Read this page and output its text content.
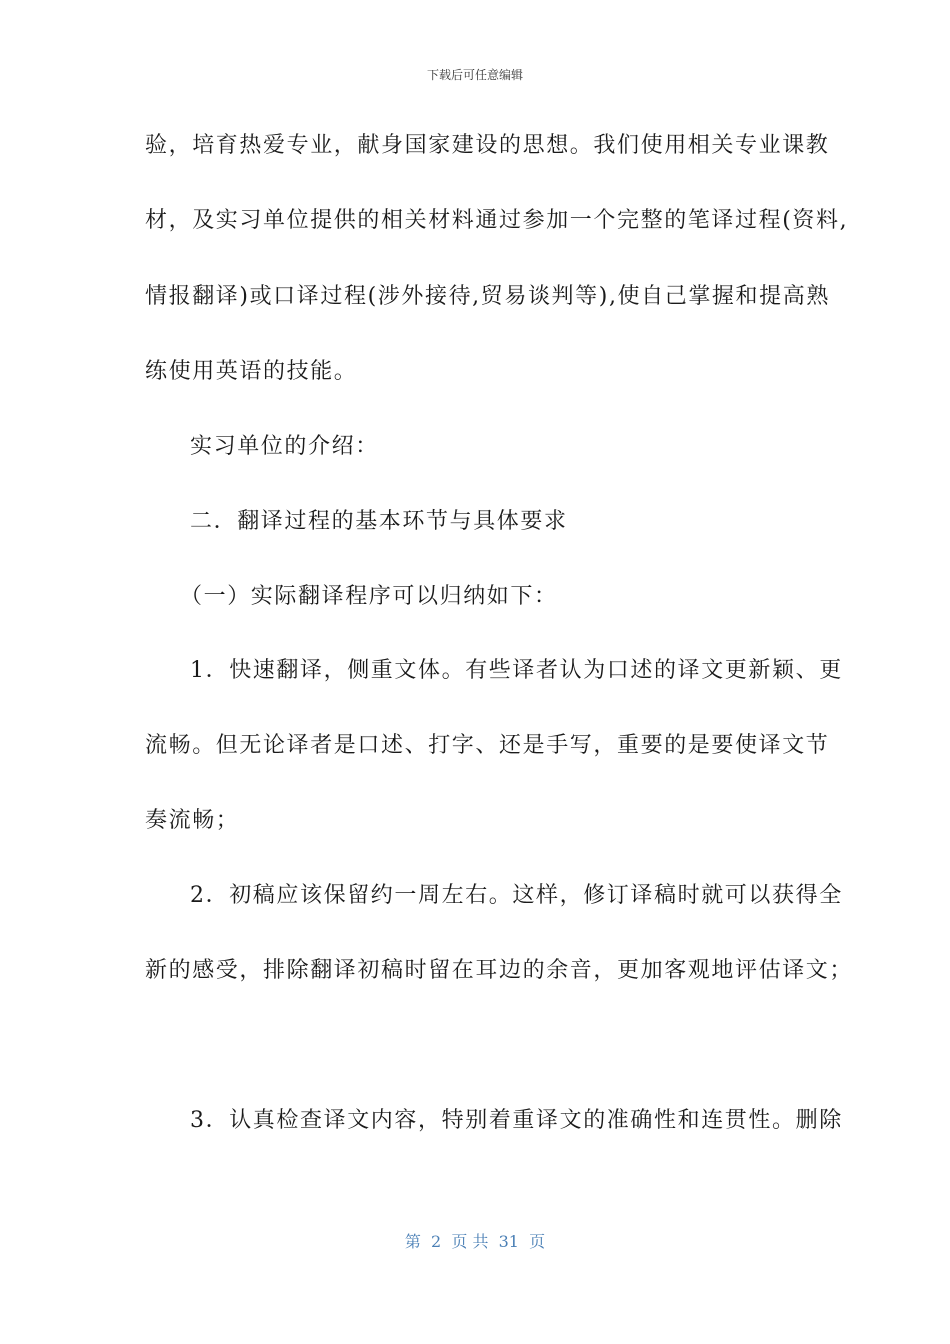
下载后可任意编辑
验，培育热爱专业，献身国家建设的思想。我们使用相关专业课教
材，及实习单位提供的相关材料通过参加一个完整的笔译过程(资料,
情报翻译)或口译过程(涉外接待,贸易谈判等),使自己掌握和提高熟
练使用英语的技能。
实习单位的介绍：
二．翻译过程的基本环节与具体要求
（一）实际翻译程序可以归纳如下：
1．快速翻译，侧重文体。有些译者认为口述的译文更新颖、更
流畅。但无论译者是口述、打字、还是手写，重要的是要使译文节
奏流畅；
2．初稿应该保留约一周左右。这样，修订译稿时就可以获得全
新的感受，排除翻译初稿时留在耳边的余音，更加客观地评估译文；
3．认真检查译文内容，特别着重译文的准确性和连贯性。删除
第  2  页 共  31  页
